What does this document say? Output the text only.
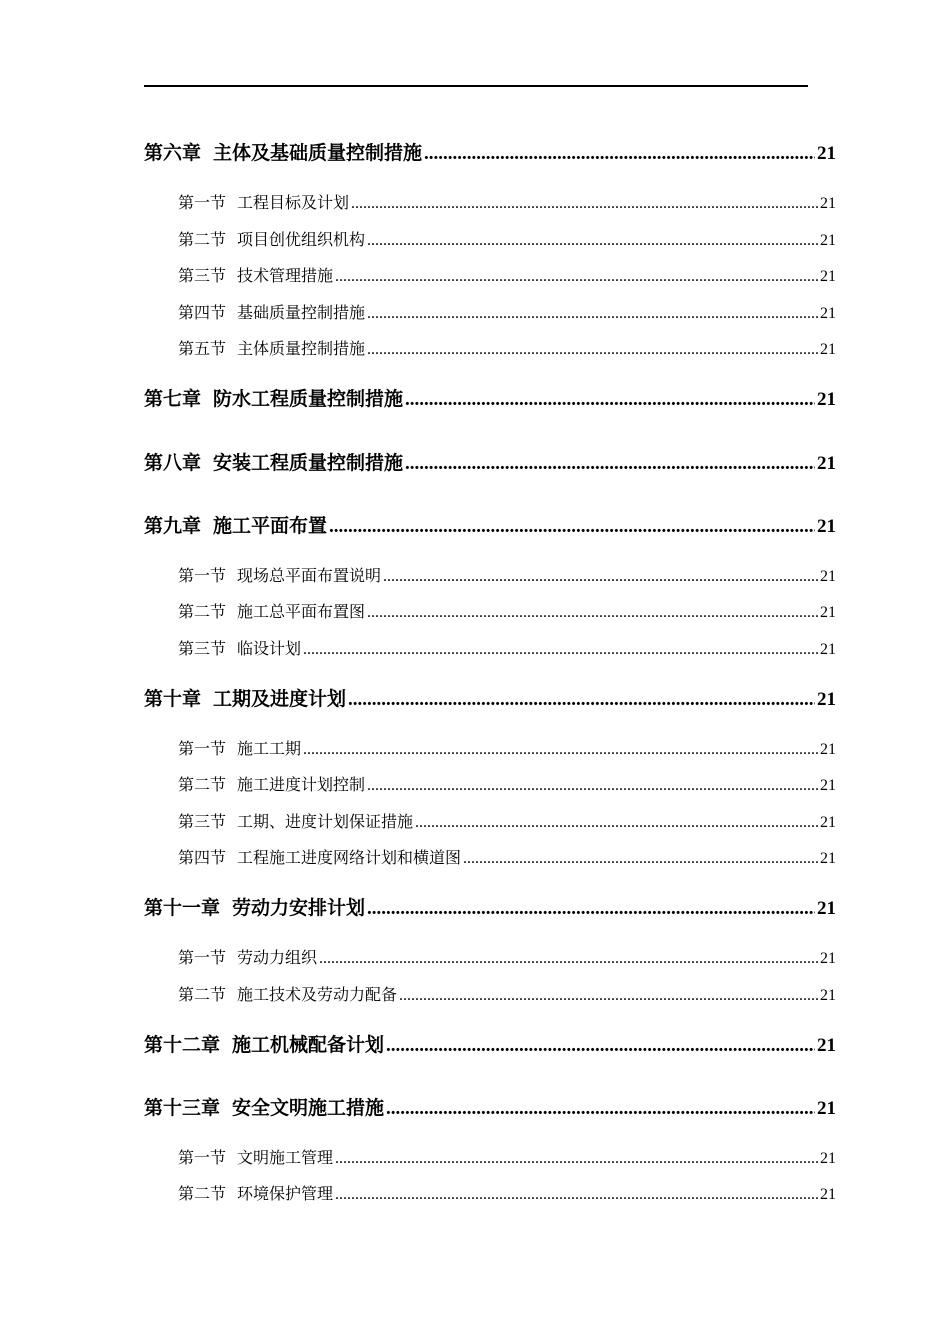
第六章 主体及基础质量控制措施 .....	21
第一节 工程目标及计划 .....	21
第二节 项目创优组织机构 .....	21
第三节 技术管理措施 .....	21
第四节 基础质量控制措施 .....	21
第五节 主体质量控制措施 .....	21
第七章 防水工程质量控制措施 .....	21
第八章 安装工程质量控制措施 .....	21
第九章 施工平面布置 .....	21
第一节 现场总平面布置说明 .....	21
第二节 施工总平面布置图 .....	21
第三节 临设计划 .....	21
第十章 工期及进度计划 .....	21
第一节 施工工期 .....	21
第二节 施工进度计划控制 .....	21
第三节 工期、进度计划保证措施 .....	21
第四节 工程施工进度网络计划和横道图 .....	21
第十一章 劳动力安排计划 .....	21
第一节 劳动力组织 .....	21
第二节 施工技术及劳动力配备 .....	21
第十二章 施工机械配备计划 .....	21
第十三章 安全文明施工措施 .....	21
第一节 文明施工管理 .....	21
第二节 环境保护管理 .....	21
